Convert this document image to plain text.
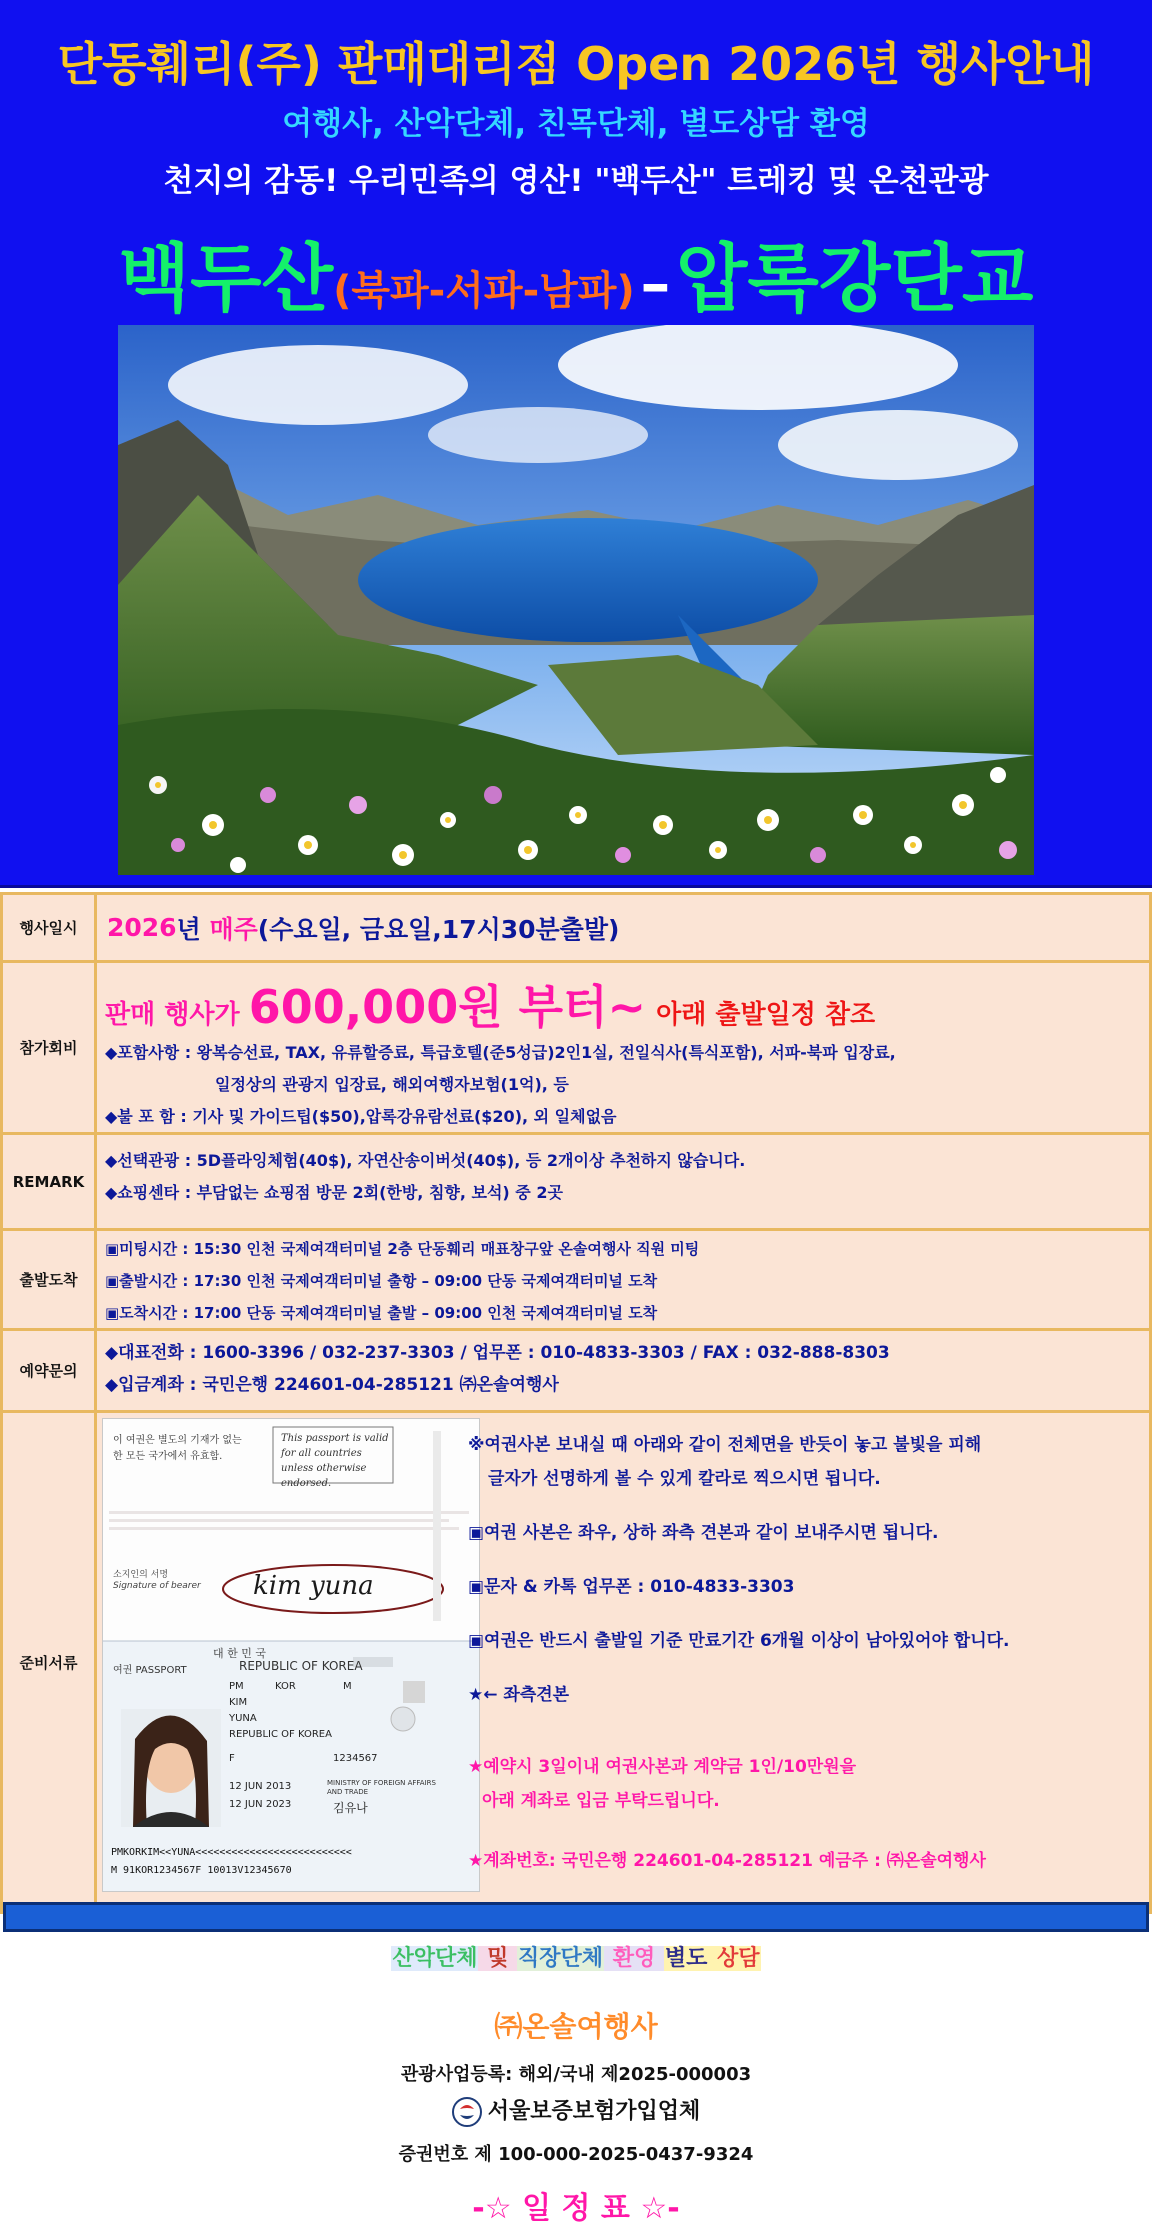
단동훼리(주) 판매대리점 Open 2026년 행사안내
여행사, 산악단체, 친목단체, 별도상담 환영
천지의 감동! 우리민족의 영산! "백두산" 트레킹 및 온천관광
백두산(북파-서파-남파) – 압록강단교
행사일시	2026 년
매주 (수요일, 금요일,17시30분출발)
참가회비
판매 행사가 600,000원 부터~ 아래 출발일정 참조
◆포함사항 : 왕복승선료, TAX, 유류할증료, 특급호텔(준5성급)2인1실, 전일식사(특식포함), 서파-북파 입장료,
일정상의 관광지 입장료, 해외여행자보험(1억), 등
◆불 포 함 : 기사 및 가이드팁($50),압록강유람선료($20), 외 일체없음
REMARK
◆선택관광 : 5D플라잉체험(40$), 자연산송이버섯(40$), 등 2개이상 추천하지 않습니다.
◆쇼핑센타 : 부담없는 쇼핑점 방문 2회(한방, 침향, 보석) 중 2곳
출발도착
▣미팅시간 : 15:30 인천 국제여객터미널 2층 단동훼리 매표창구앞 온솔여행사 직원 미팅
▣출발시간 : 17:30 인천 국제여객터미널 출항 – 09:00 단동 국제여객터미널 도착
▣도착시간 : 17:00 단동 국제여객터미널 출발 – 09:00 인천 국제여객터미널 도착
예약문의
◆대표전화 : 1600-3396 / 032-237-3303 / 업무폰 : 010-4833-3303 / FAX : 032-888-8303
◆입금계좌 : 국민은행 224601-04-285121 ㈜온솔여행사
준비서류
이 여권은 별도의 기재가 없는 한 모든 국가에서 유효함.
This passport is valid for all countries unless otherwise endorsed.
소지인의 서명
Signature of bearer kim yuna
대 한 민 국
여권 PASSPORT	REPUBLIC OF KOREA
PM	KOR	M
KIM
YUNA
REPUBLIC OF KOREA
F	1234567
12 JUN 2013
12 JUN 2023
MINISTRY OF FOREIGN AFFAIRS AND TRADE
김유나
PMKORKIM<<YUNA<<<<<<<<<<<<<<<<<<<<<<<<<<
M 91KOR1234567F 10013V12345670
※여권사본 보내실 때 아래와 같이 전체면을 반듯이 놓고 불빛을 피해
글자가 선명하게 볼 수 있게 칼라로 찍으시면 됩니다.
▣여권 사본은 좌우, 상하 좌측 견본과 같이 보내주시면 됩니다.
▣문자 & 카톡 업무폰 : 010-4833-3303
▣여권은 반드시 출발일 기준 만료기간 6개월 이상이 남아있어야 합니다.
★← 좌측견본
★예약시 3일이내 여권사본과 계약금 1인/10만원을
아래 계좌로 입금 부탁드립니다.
★계좌번호: 국민은행 224601-04-285121 예금주 : ㈜온솔여행사
산악단체 및 직장단체 환영 별도 상담
㈜온솔여행사
관광사업등록: 해외/국내 제2025-000003
서울보증보험가입업체
증권번호 제 100-000-2025-0437-9324
-☆ 일 정 표 ☆-
